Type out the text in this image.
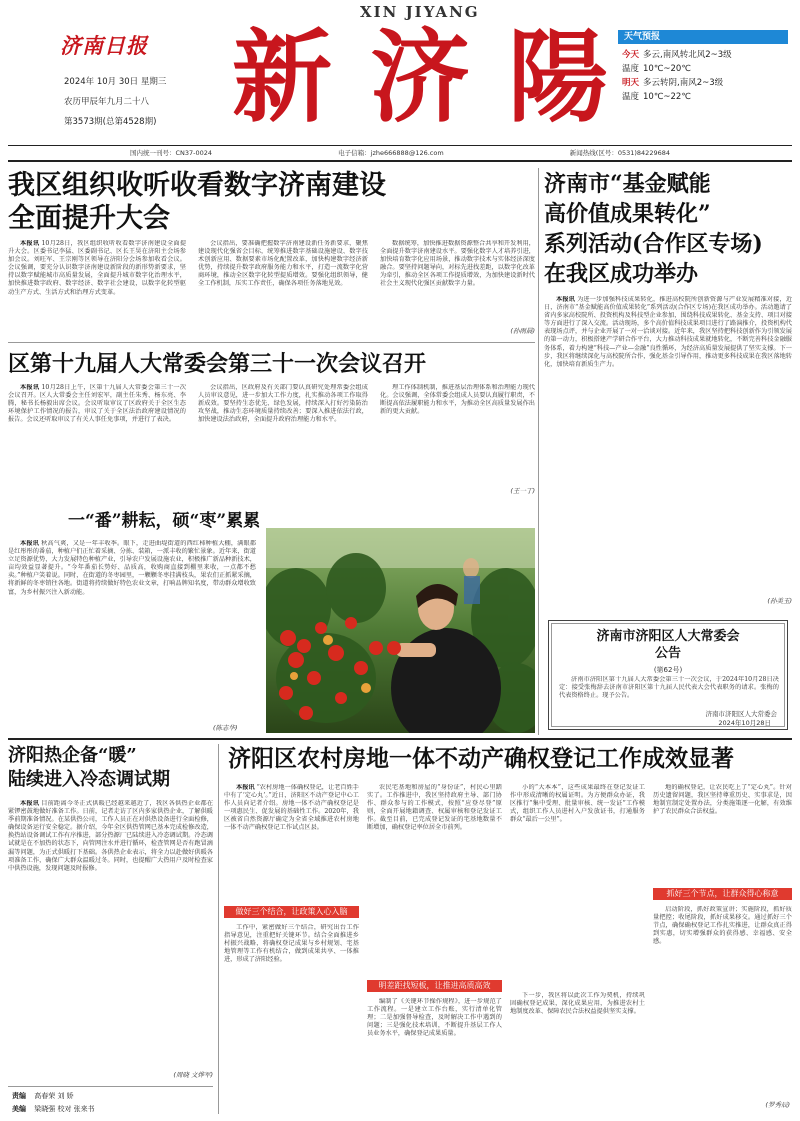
济南日报
2024年 10月 30日 星期三
农历甲辰年九月二十八
第3573期(总第4528期)
XIN JIYANG
新 济 陽	天气预报
今天 多云,南风转北风2~3级
温度 10℃~20℃
明天 多云转阴,南风2~3级
温度 10℃~22℃
国内统一刊号：CN37-0024	电子信箱：jzhe666888@126.com	新闻热线(区号：0531)84229684
我区组织收听收看数字济南建设
全面提升大会
本报讯 10月28日，我区组织收听收看数字济南建设全面提升大会。区委书记李猛、区委副书记、区长王昊在济阳主会场参加会议。刘旺军、王宗刚等区领导在济阳分会场参加收看会议。会议强调，要充分认识数字济南建设新阶段的新形势新要求，坚持以数字赋能城市高质量发展，全面提升城市数字化治理水平，加快推进数字政府、数字经济、数字社会建设，以数字化转型驱动生产方式、生活方式和治理方式变革。
会议指出，要准确把握数字济南建设新任务新要求，聚焦建设现代化强省会目标，统筹推进数字基础设施建设、数字技术创新应用、数据要素市场化配置改革，加快构建数字经济新优势，持续提升数字政府服务能力和水平，打造一流数字化营商环境，推动全区数字化转型提质增效。要强化组织领导，健全工作机制，压实工作责任，确保各项任务落地见效。
数据统筹，加快推进数据资源整合共享和开发利用，全面提升数字济南建设水平。要强化数字人才培养引进，加快培育数字化应用场景，推动数字技术与实体经济深度融合。要坚持问题导向，对标先进找差距，以数字化改革为牵引，推动全区各项工作提质增效，为加快建设新时代社会主义现代化强区贡献数字力量。
(孙雨晨)
区第十九届人大常委会第三十一次会议召开
本报讯 10月28日上午，区第十九届人大常委会第三十一次会议召开。区人大常委会主任刘宏军，副主任朱秀、杨东亮、李腾，秘书长杨毅出席会议。会议听取审议了区政府关于全区生态环境保护工作情况的报告，审议了关于全区法治政府建设情况的报告。会议还听取审议了有关人事任免事项，并进行了表决。
会议指出，区政府及有关部门要认真研究处理常委会组成人员审议意见，进一步加大工作力度，扎实推动各项工作取得新成效。要坚持生态优先、绿色发展，持续深入打好污染防治攻坚战，推动生态环境质量持续改善；要深入推进依法行政，加快建设法治政府，全面提升政府治理能力和水平。
理工作体制机制，推进基层治理体系和治理能力现代化。会议强调，全体常委会组成人员要认真履行职责，不断提高依法履职能力和水平，为推动全区高质量发展作出新的更大贡献。
(王一丁)
一“番”耕耘，硕“枣”累累
本报讯 秋高气爽，又是一年丰收季。眼下，走进曲堤街道的西红柿种植大棚，满眼都是红彤彤的番茄，种植户们正忙着采摘、分拣、装箱，一派丰收的繁忙景象。近年来，街道立足资源优势，大力发展特色种植产业，引导农户发展设施农业，积极推广新品种新技术，亩均效益显著提升。“今年番茄长势好、品质高，收购商直接到棚里来收，一点都不愁卖。”种植户笑着说。同时，在街道的冬枣园里，一颗颗冬枣挂满枝头，果农们正抓紧采摘，将新鲜的冬枣销往各地。街道将持续做好特色农业文章，打响品牌知名度，带动群众增收致富，为乡村振兴注入新动能。
(陈志华)
济南市“基金赋能
高价值成果转化”
系列活动(合作区专场)
在我区成功举办
本报讯 为进一步加强科技成果转化，推进高校院所创新资源与产业发展精准对接，近日，济南市“基金赋能高价值成果转化”系列活动(合作区专场)在我区成功举办。活动邀请了省内多家高校院所、投资机构及科技型企业参加，围绕科技成果转化、基金支持、项目对接等方面进行了深入交流。活动现场，多个高价值科技成果项目进行了路演推介，投资机构代表现场点评，并与企业开展了一对一洽谈对接。近年来，我区坚持把科技创新作为引领发展的第一动力，积极搭建产学研合作平台，大力推动科技成果就地转化，不断完善科技金融服务体系，着力构建“科技—产业—金融”良性循环，为经济高质量发展提供了坚实支撑。下一步，我区将继续深化与高校院所合作，强化基金引导作用，推动更多科技成果在我区落地转化，加快培育新质生产力。
(孙美玉)
济南市济阳区人大常委会
公告
(第62号)
济南市济阳区第十九届人大常委会第三十一次会议，于2024年10月28日决定：接受张梅辞去济南市济阳区第十九届人民代表大会代表职务的请求。张梅的代表资格终止。现予公告。
济南市济阳区人大常委会
2024年10月28日
济阳热企备“暖”
陆续进入冷态调试期
本报讯 目前距离今冬正式供暖已经越来越近了，我区各供热企业都在紧锣密鼓地做好准备工作。日前，记者走访了区内多家供热企业，了解供暖季前期准备情况。在某供热公司，工作人员正在对供热设备进行全面检修，确保设备运行安全稳定。据介绍，今年全区供热管网已基本完成检修改造，换热站设备调试工作有序推进，部分热源厂已陆续进入冷态调试期。冷态调试就是在不加热的状态下，向管网注水并进行循环，检查管网是否有跑冒滴漏等问题，为正式供暖打下基础。各供热企业表示，将全力以赴做好供暖各项准备工作，确保广大群众温暖过冬。同时，也提醒广大热用户及时检查家中供热设施，发现问题及时报修。
(周晓 文烨军)
责编 高春荣 刘 娇
美编 梁晓强 校对 张来书
济阳区农村房地一体不动产确权登记工作成效显著
本报讯 “农村房地一体确权登记，让老百姓手中有了‘定心丸’。”近日，济阳区不动产登记中心工作人员向记者介绍。房地一体不动产确权登记是一项惠民生、促发展的基础性工作。2020年，我区被省自然资源厅确定为全省全域推进农村房地一体不动产确权登记工作试点区县。
做好三个结合，让政策入心入脑
工作中，紧密做好三个结合，研究出台工作指导意见，注重把好关键环节。结合全面推进乡村振兴战略，将确权登记成果与乡村规划、宅基地管理等工作有机结合，做到成果共享、一体推进，形成了济阳经验。
农民宅基地和房屋的“身份证”，村民心里踏实了。工作推进中，我区坚持政府主导、部门协作、群众参与的工作模式，按照“应登尽登”原则，全面开展地籍调查、权属审核和登记发证工作。截至目前，已完成登记发证的宅基地数量不断增加，确权登记率位居全市前列。
明差距找短板，让推进高质高效
编制了《关键环节操作规程》，进一步规范了工作流程。一是建立工作台账，实行清单化管理；二是加强督导检查，及时解决工作中遇到的问题；三是强化技术培训，不断提升基层工作人员业务水平，确保登记成果质量。
小的“大本本”，这些成果最终在登记发证工作中形成清晰的权属证明。为方便群众办证，我区推行“集中受理、批量审核、统一发证”工作模式，组织工作人员进村入户发放证书，打通服务群众“最后一公里”。
下一步，我区将以此次工作为契机，持续巩固确权登记成果，深化成果应用，为推进农村土地制度改革、保障农民合法权益提供坚实支撑。
地的确权登记，让农民吃上了“定心丸”。针对历史遗留问题，我区坚持尊重历史、实事求是，因地制宜制定处置办法，分类施策逐一化解，有效维护了农民群众合法权益。
抓好三个节点，让群众得心称意
启动阶段，抓好政策宣讲；实施阶段，抓好质量把控；收尾阶段，抓好成果移交。通过抓好三个节点，确保确权登记工作扎实推进，让群众真正得到实惠，切实增强群众的获得感、幸福感、安全感。
(罗秀辰)
